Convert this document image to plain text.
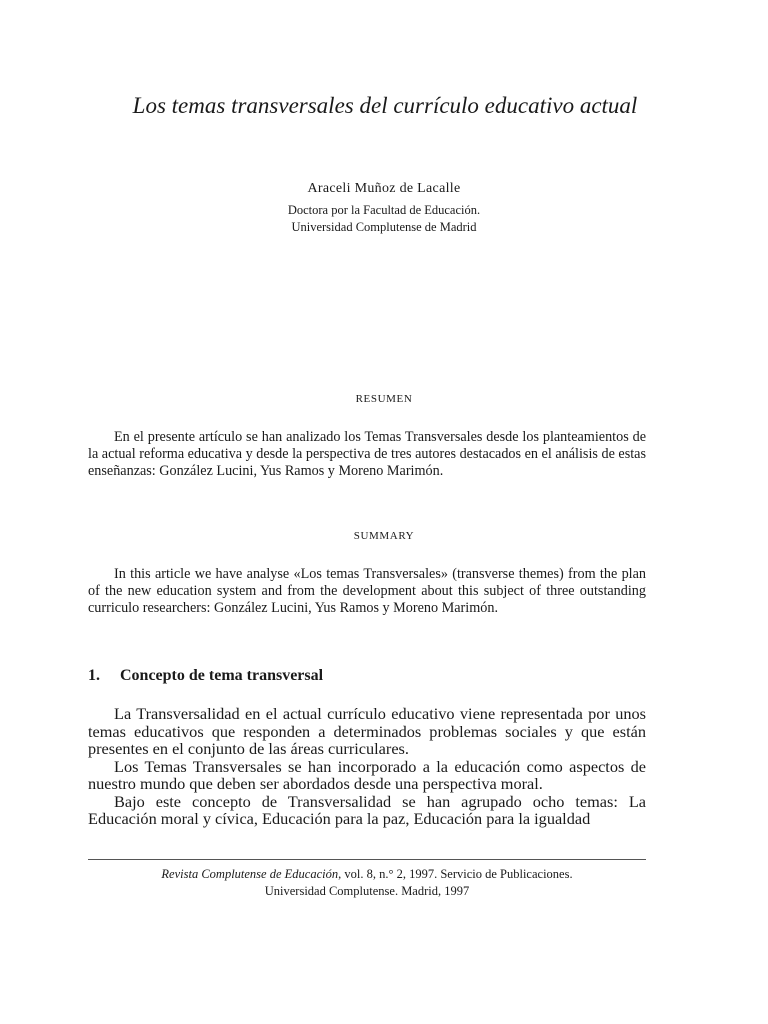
Los temas transversales del currículo educativo actual
Araceli Muñoz de Lacalle
Doctora por la Facultad de Educación.
Universidad Complutense de Madrid
RESUMEN

En el presente artículo se han analizado los Temas Transversales desde los planteamientos de la actual reforma educativa y desde la perspectiva de tres autores destacados en el análisis de estas enseñanzas: González Lucini, Yus Ramos y Moreno Marimón.

SUMMARY

In this article we have analyse «Los temas Transversales» (transverse themes) from the plan of the new education system and from the development about this subject of three outstanding curriculo researchers: González Lucini, Yus Ramos y Moreno Marimón.

1. Concepto de tema transversal

La Transversalidad en el actual currículo educativo viene representada por unos temas educativos que responden a determinados problemas sociales y que están presentes en el conjunto de las áreas curriculares.

Los Temas Transversales se han incorporado a la educación como aspectos de nuestro mundo que deben ser abordados desde una perspectiva moral.

Bajo este concepto de Transversalidad se han agrupado ocho temas: La Educación moral y cívica, Educación para la paz, Educación para la igualdad

Revista Complutense de Educación, vol. 8, n.° 2, 1997. Servicio de Publicaciones.
Universidad Complutense. Madrid, 1997
